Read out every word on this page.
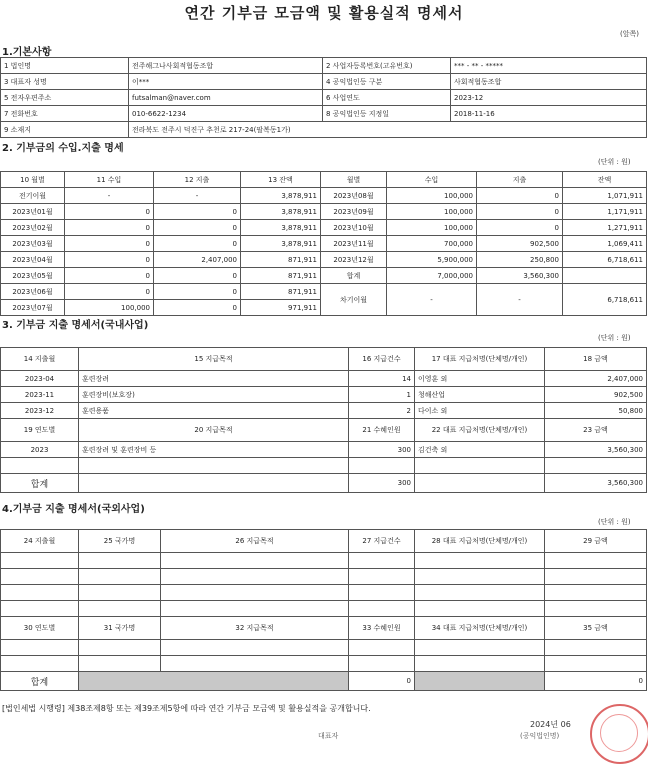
연간 기부금 모금액 및 활용실적 명세서
(앞쪽)
1.기본사항
1 법인명	전주해그나사회적협동조합	2 사업자등록번호(고유번호)	*** - ** - *****
3 대표자 성명	이***	4 공익법인등 구분	사회적협동조합
5 전자우편주소	futsalman@naver.com	6 사업연도	2023-12
7 전화번호	010-6622-1234	8 공익법인등 지정일	2018-11-16
9 소재지	전라북도 전주시 덕진구 추천로 217-24(팔복동1가)		
2. 기부금의 수입.지출 명세
(단위 : 원)
10 월별	11 수입	12 지출	13 잔액	월별	수입	지출	잔액
전기이월	-	-	3,878,911	2023년08월	100,000	0	1,071,911
2023년01월	0	0	3,878,911	2023년09월	100,000	0	1,171,911
2023년02월	0	0	3,878,911	2023년10월	100,000	0	1,271,911
2023년03월	0	0	3,878,911	2023년11월	700,000	902,500	1,069,411
2023년04월	0	2,407,000	871,911	2023년12월	5,900,000	250,800	6,718,611
2023년05월	0	0	871,911	합계	7,000,000	3,560,300	
2023년06월	0	0	871,911	차기이월	-	-	6,718,611
2023년07월	100,000	0	971,911				
3. 기부금 지출 명세서(국내사업)
(단위 : 원)
14 지출월	15 지급목적	16 지급건수	17 대표 지급처명(단체명/개인)	18 금액
2023-04	훈련장려	14	이영훈 외	2,407,000
2023-11	훈련장비(보호장)	1	청해산업	902,500
2023-12	훈련용품	2	다이소 외	50,800
19 연도별	20 지급목적	21 수혜인원	22 대표 지급처명(단체명/개인)	23 금액
2023	훈련장려 및 훈련장비 등	300	김건축 외	3,560,300

합계		300		3,560,300
4.기부금 지출 명세서(국외사업)
(단위 : 원)
24 지출월	25 국가명	26 지급목적	27 지급건수	28 대표 지급처명(단체명/개인)	29 금액

30 연도별	31 국가명	32 지급목적	33 수혜인원	34 대표 지급처명(단체명/개인)	35 금액

합계			0		0
[법인세법 시행령] 제38조제8항 또는 제39조제5항에 따라 연간 기부금 모금액 및 활용실적을 공개합니다.
2024년 06
대표자	(공익법인명)
